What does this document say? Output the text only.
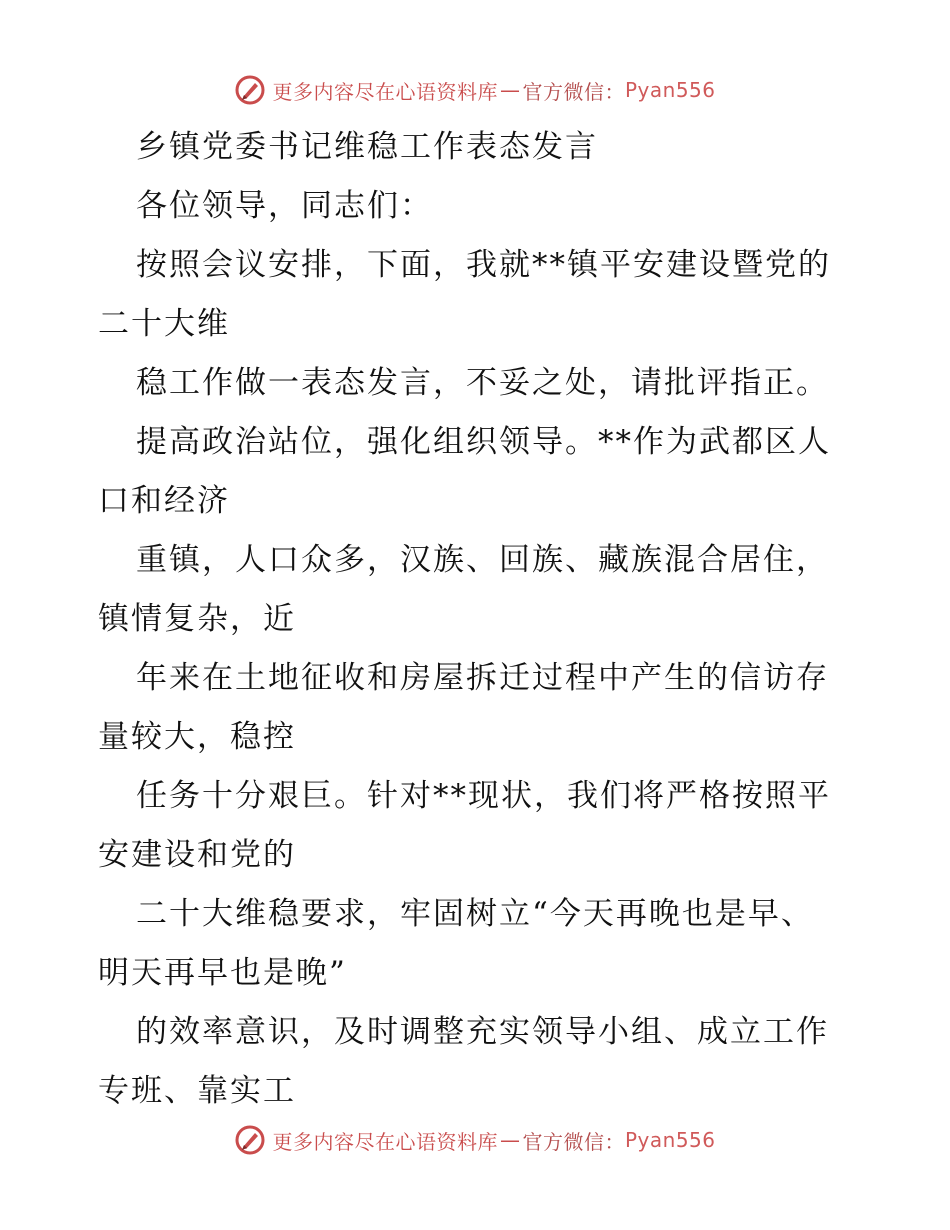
更多内容尽在心语资料库 — 官方微信： Pyan556
乡镇党委书记维稳工作表态发言
各位领导，同志们：
按照会议安排，下面，我就**镇平安建设暨党的
二十大维
稳工作做一表态发言，不妥之处，请批评指正。
提高政治站位，强化组织领导。**作为武都区人
口和经济
重镇，人口众多，汉族、回族、藏族混合居住，
镇情复杂，近
年来在土地征收和房屋拆迁过程中产生的信访存
量较大，稳控
任务十分艰巨。针对**现状，我们将严格按照平
安建设和党的
二十大维稳要求，牢固树立“今天再晚也是早、
明天再早也是晚”
的效率意识，及时调整充实领导小组、成立工作
专班、靠实工
更多内容尽在心语资料库 — 官方微信： Pyan556
